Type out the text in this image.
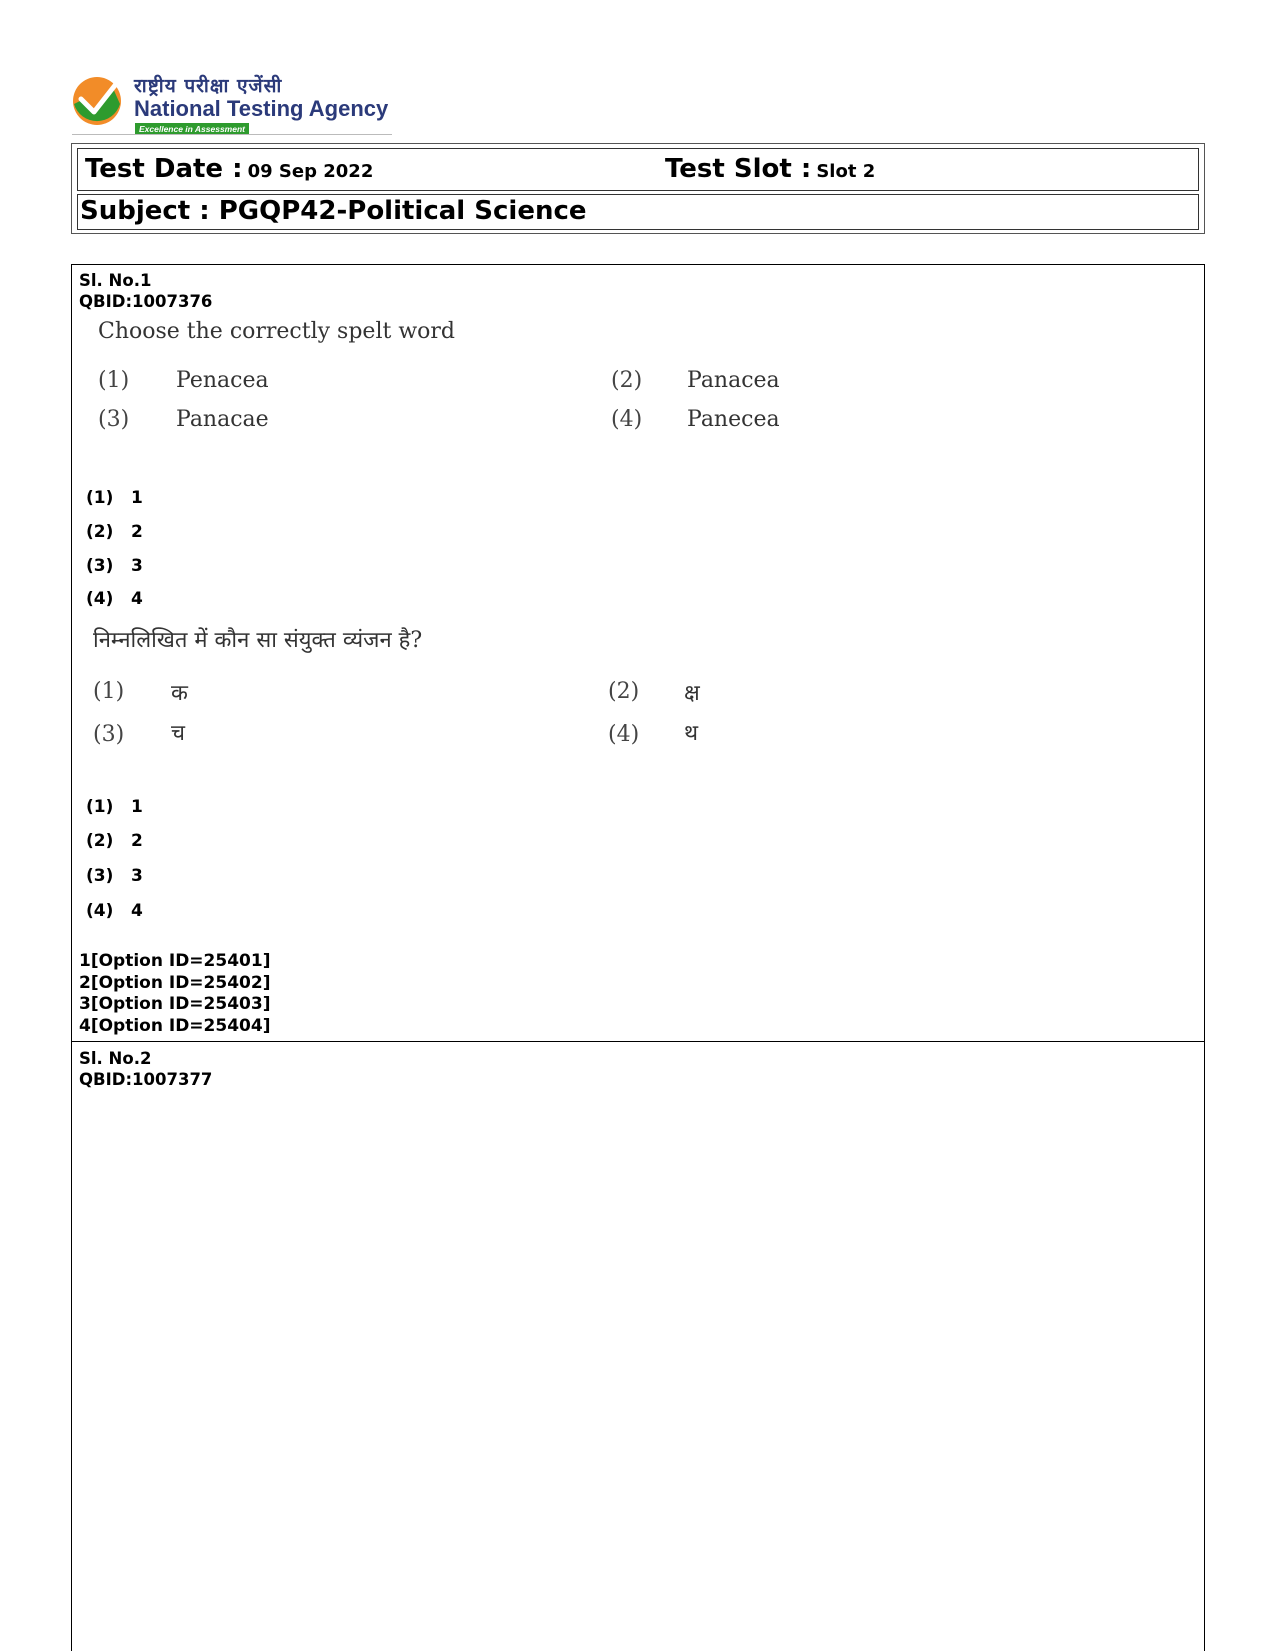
राष्ट्रीय परीक्षा एजेंसी
National Testing Agency
Excellence in Assessment
Test Date : 09 Sep 2022	Test Slot : Slot 2
Subject : PGQP42-Political Science
Sl. No.1
QBID:1007376
Choose the correctly spelt word
(1) Penacea	(2) Panacea
(3) Panacae	(4) Panecea
(1) 1
(2) 2
(3) 3
(4) 4
निम्नलिखित में कौन सा संयुक्त व्यंजन है?
(1) क	(2) क्ष
(3) च	(4) थ
(1) 1
(2) 2
(3) 3
(4) 4
1[Option ID=25401]
2[Option ID=25402]
3[Option ID=25403]
4[Option ID=25404]
Sl. No.2
QBID:1007377
